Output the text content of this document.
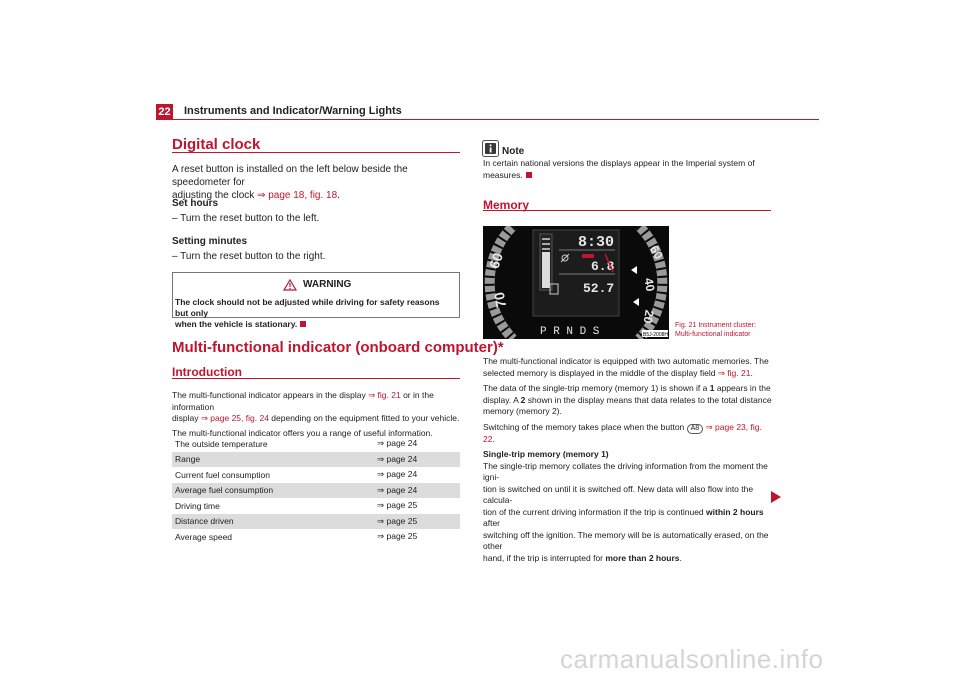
22 Instruments and Indicator/Warning Lights
Digital clock
A reset button is installed on the left below beside the speedometer for
adjusting the clock ⇒ page 18, fig. 18.
Set hours
– Turn the reset button to the left.
Setting minutes
– Turn the reset button to the right.
WARNING
The clock should not be adjusted while driving for safety reasons but only
when the vehicle is stationary.
Multi-functional indicator (onboard computer)*
Introduction
The multi-functional indicator appears in the display ⇒ fig. 21 or in the information
display ⇒ page 25, fig. 24 depending on the equipment fitted to your vehicle.
The multi-functional indicator offers you a range of useful information.
The outside temperature	⇒ page 24
Range	⇒ page 24
Current fuel consumption	⇒ page 24
Average fuel consumption	⇒ page 24
Driving time	⇒ page 25
Distance driven	⇒ page 25
Average speed	⇒ page 25
Note
In certain national versions the displays appear in the Imperial system of
measures.
Memory
60
70
60
40
20
8:30
6.8
52.7
P R N D S	B5J-2008H
Fig. 21 Instrument cluster:
Multi-functional indicator
The multi-functional indicator is equipped with two automatic memories. The
selected memory is displayed in the middle of the display field ⇒ fig. 21.
The data of the single-trip memory (memory 1) is shown if a 1 appears in the
display. A 2 shown in the display means that data relates to the total distance
memory (memory 2).
Switching of the memory takes place when the button A8 ⇒ page 23, fig. 22.
Single-trip memory (memory 1)
The single-trip memory collates the driving information from the moment the igni-
tion is switched on until it is switched off. New data will also flow into the calcula-
tion of the current driving information if the trip is continued within 2 hours after
switching off the ignition. The memory will be is automatically erased, on the other
hand, if the trip is interrupted for more than 2 hours.
carmanualsonline.info
